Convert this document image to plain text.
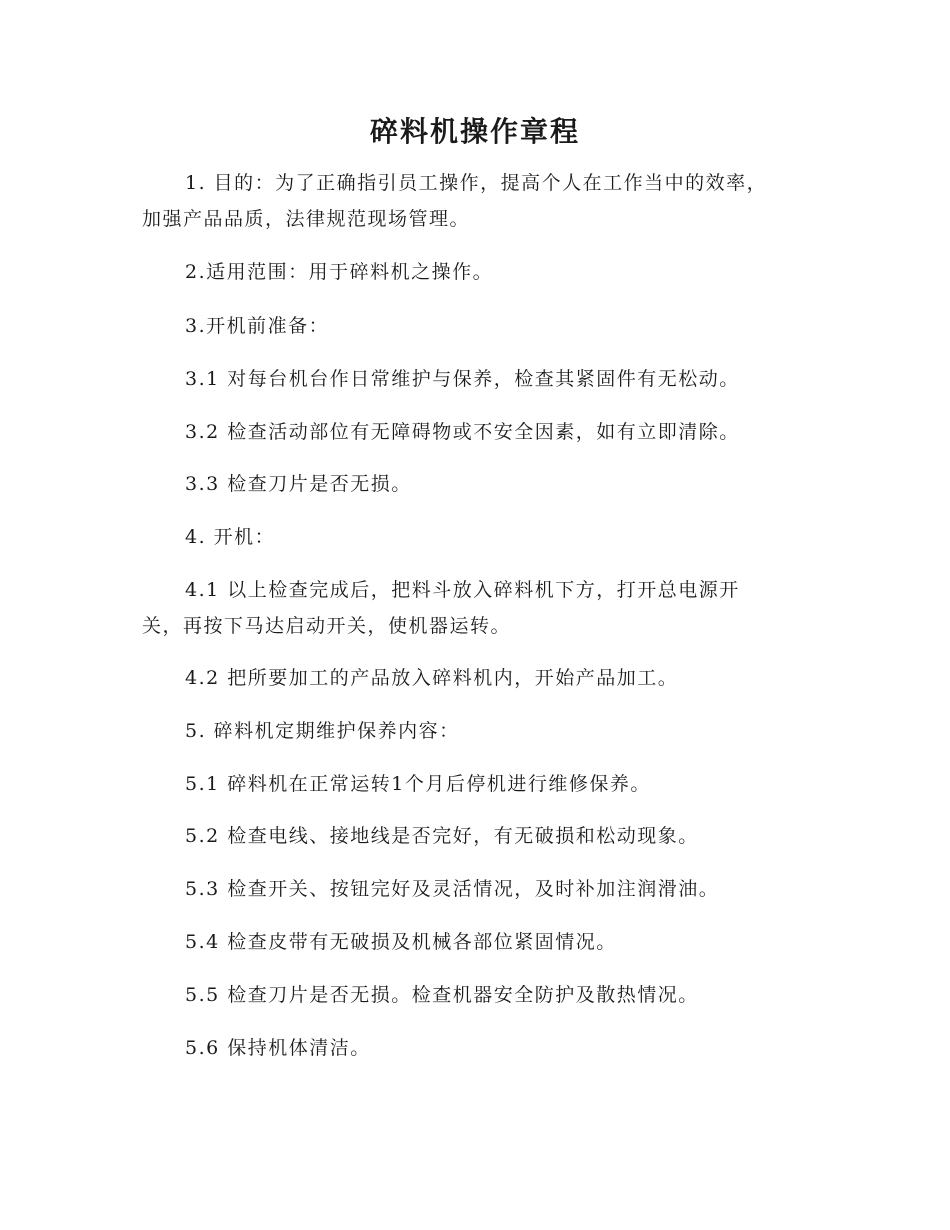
碎料机操作章程
1. 目的：为了正确指引员工操作，提高个人在工作当中的效率，
加强产品品质，法律规范现场管理。
2.适用范围：用于碎料机之操作。
3.开机前准备：
3.1 对每台机台作日常维护与保养，检查其紧固件有无松动。
3.2 检查活动部位有无障碍物或不安全因素，如有立即清除。
3.3 检查刀片是否无损。
4. 开机：
4.1 以上检查完成后，把料斗放入碎料机下方，打开总电源开
关，再按下马达启动开关，使机器运转。
4.2 把所要加工的产品放入碎料机内，开始产品加工。
5. 碎料机定期维护保养内容：
5.1 碎料机在正常运转1个月后停机进行维修保养。
5.2 检查电线、接地线是否完好，有无破损和松动现象。
5.3 检查开关、按钮完好及灵活情况，及时补加注润滑油。
5.4 检查皮带有无破损及机械各部位紧固情况。
5.5 检查刀片是否无损。检查机器安全防护及散热情况。
5.6 保持机体清洁。
